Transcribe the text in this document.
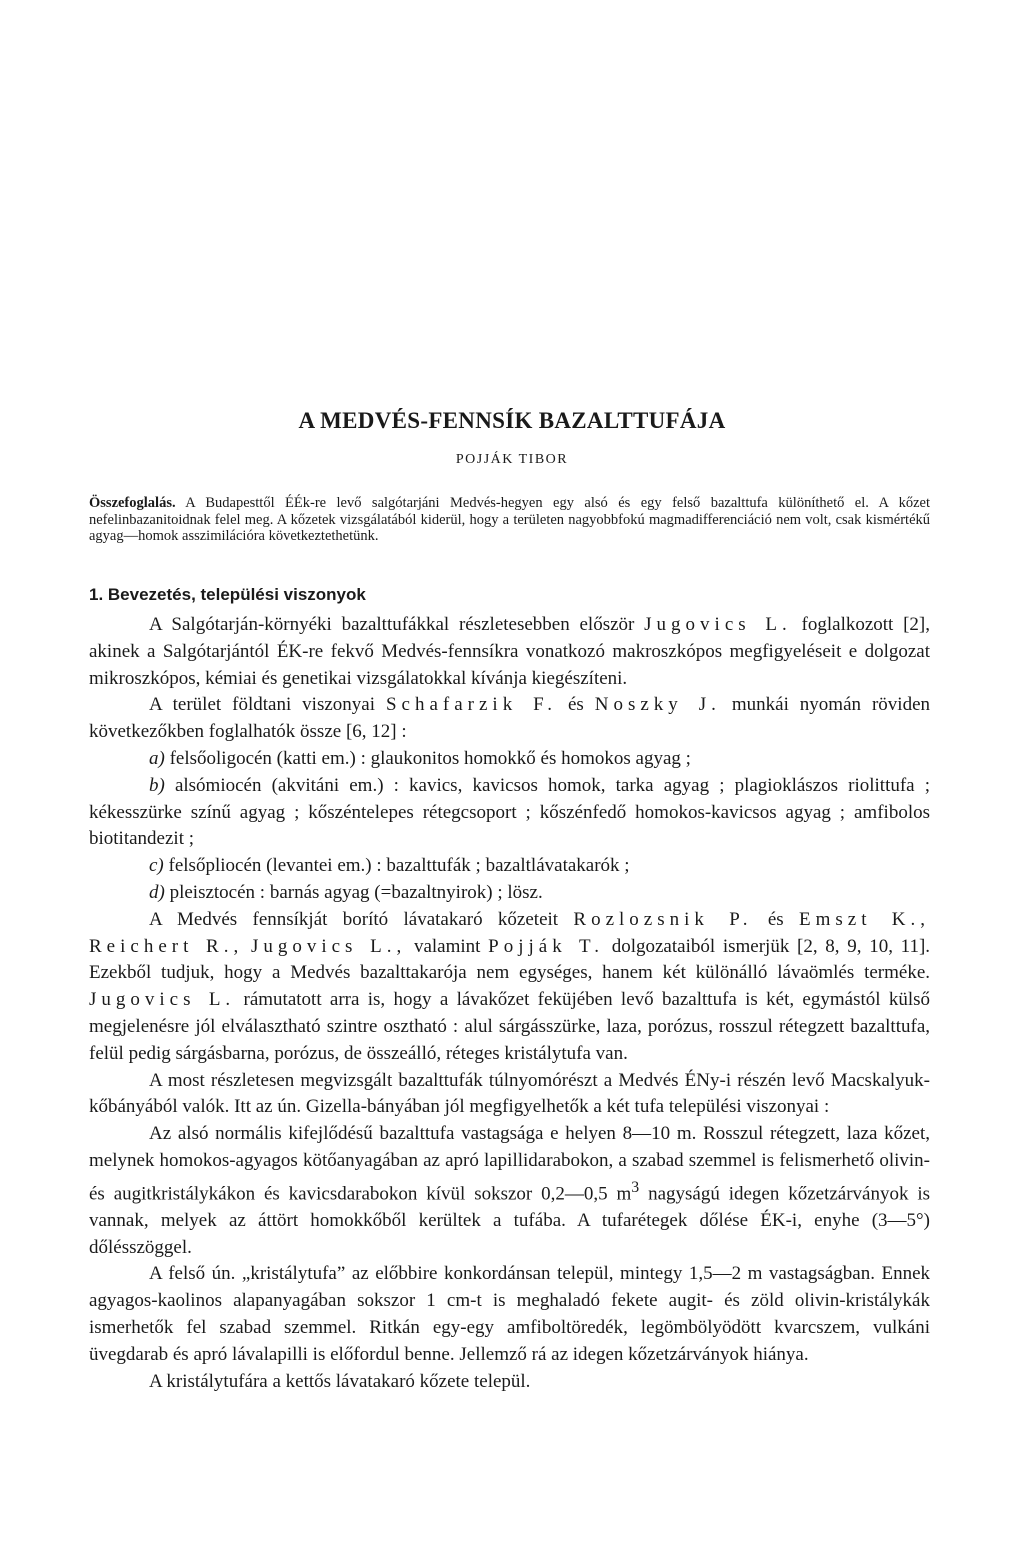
A MEDVÉS-FENNSÍK BAZALTTUFÁJA
POJJÁK TIBOR
Összefoglalás. A Budapesttől ÉÉk-re levő salgótarjáni Medvés-hegyen egy alsó és egy felső bazalttufa különíthető el. A kőzet nefelinbazanitoidnak felel meg. A kőzetek vizsgálatából kiderül, hogy a területen nagyobbfokú magmadifferenciáció nem volt, csak kismértékű agyag—homok asszimilációra következtethetünk.
1. Bevezetés, települési viszonyok

A Salgótarján-környéki bazalttufákkal részletesebben először Jugovics L. foglalkozott [2], akinek a Salgótarjántól ÉK-re fekvő Medvés-fennsíkra vonatkozó makroszkópos megfigyeléseit e dolgozat mikroszkópos, kémiai és genetikai vizsgálatokkal kívánja kiegészíteni.

A terület földtani viszonyai Schafarzik F. és Noszky J. munkái nyomán röviden következőkben foglalhatók össze [6, 12] :

a) felsőoligocén (katti em.) : glaukonitos homokkő és homokos agyag ;

b) alsómiocén (akvitáni em.) : kavics, kavicsos homok, tarka agyag ; plagioklászos riolittufa ; kékesszürke színű agyag ; kőszéntelepes rétegcsoport ; kőszénfedő homokos-kavicsos agyag ; amfibolos biotitandezit ;

c) felsőpliocén (levantei em.) : bazalttufák ; bazaltlávatakarók ;

d) pleisztocén : barnás agyag (=bazaltnyirok) ; lösz.

A Medvés fennsíkját borító lávatakaró kőzeteit Rozlozsnik P. és Emszt K., Reichert R., Jugovics L., valamint Pojják T. dolgozataiból ismerjük [2, 8, 9, 10, 11]. Ezekből tudjuk, hogy a Medvés bazalttakarója nem egységes, hanem két különálló lávaömlés terméke. Jugovics L. rámutatott arra is, hogy a lávakőzet feküjében levő bazalttufa is két, egymástól külső megjelenésre jól elválasztható szintre osztható : alul sárgásszürke, laza, porózus, rosszul rétegzett bazalttufa, felül pedig sárgásbarna, porózus, de összeálló, réteges kristálytufa van.

A most részletesen megvizsgált bazalttufák túlnyomórészt a Medvés ÉNy-i részén levő Macskalyuk-kőbányából valók. Itt az ún. Gizella-bányában jól megfigyelhetők a két tufa települési viszonyai :

Az alsó normális kifejlődésű bazalttufa vastagsága e helyen 8—10 m. Rosszul rétegzett, laza kőzet, melynek homokos-agyagos kötőanyagában az apró lapillidarabokon, a szabad szemmel is felismerhető olivin- és augitkristálykákon és kavicsdarabokon kívül sokszor 0,2—0,5 $m^3$ nagyságú idegen kőzetzárványok is vannak, melyek az áttört homokkőből kerültek a tufába. A tufarétegek dőlése ÉK-i, enyhe (3—5°) dőlésszöggel.

A felső ún. „kristálytufa” az előbbire konkordánsan települ, mintegy 1,5—2 m vastagságban. Ennek agyagos-kaolinos alapanyagában sokszor 1 cm-t is meghaladó fekete augit- és zöld olivin-kristálykák ismerhetők fel szabad szemmel. Ritkán egy-egy amfiboltöredék, legömbölyödött kvarcszem, vulkáni üvegdarab és apró lávalapilli is előfordul benne. Jellemző rá az idegen kőzetzárványok hiánya.

A kristálytufára a kettős lávatakaró kőzete települ.
